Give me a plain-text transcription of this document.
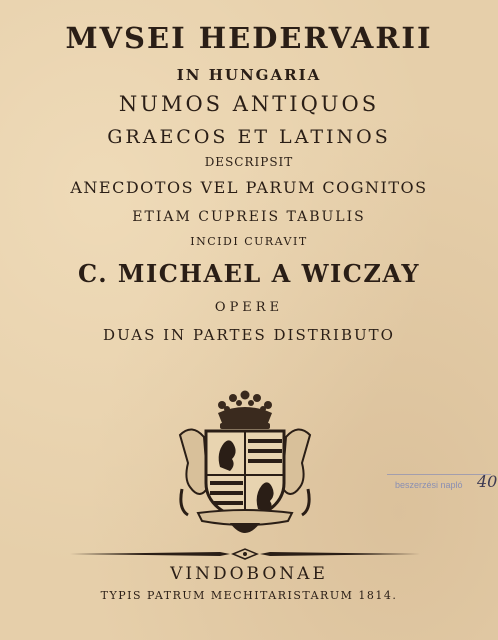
MVSEI HEDERVARII
IN HUNGARIA
NUMOS ANTIQUOS
GRAECOS ET LATINOS
DESCRIPSIT
ANECDOTOS VEL PARUM COGNITOS
ETIAM CUPREIS TABULIS
INCIDI CURAVIT
C. MICHAEL A WICZAY
OPERE
DUAS IN PARTES DISTRIBUTO
VINDOBONAE
TYPIS PATRUM MECHITARISTARUM 1814.
beszerzési napló 40
